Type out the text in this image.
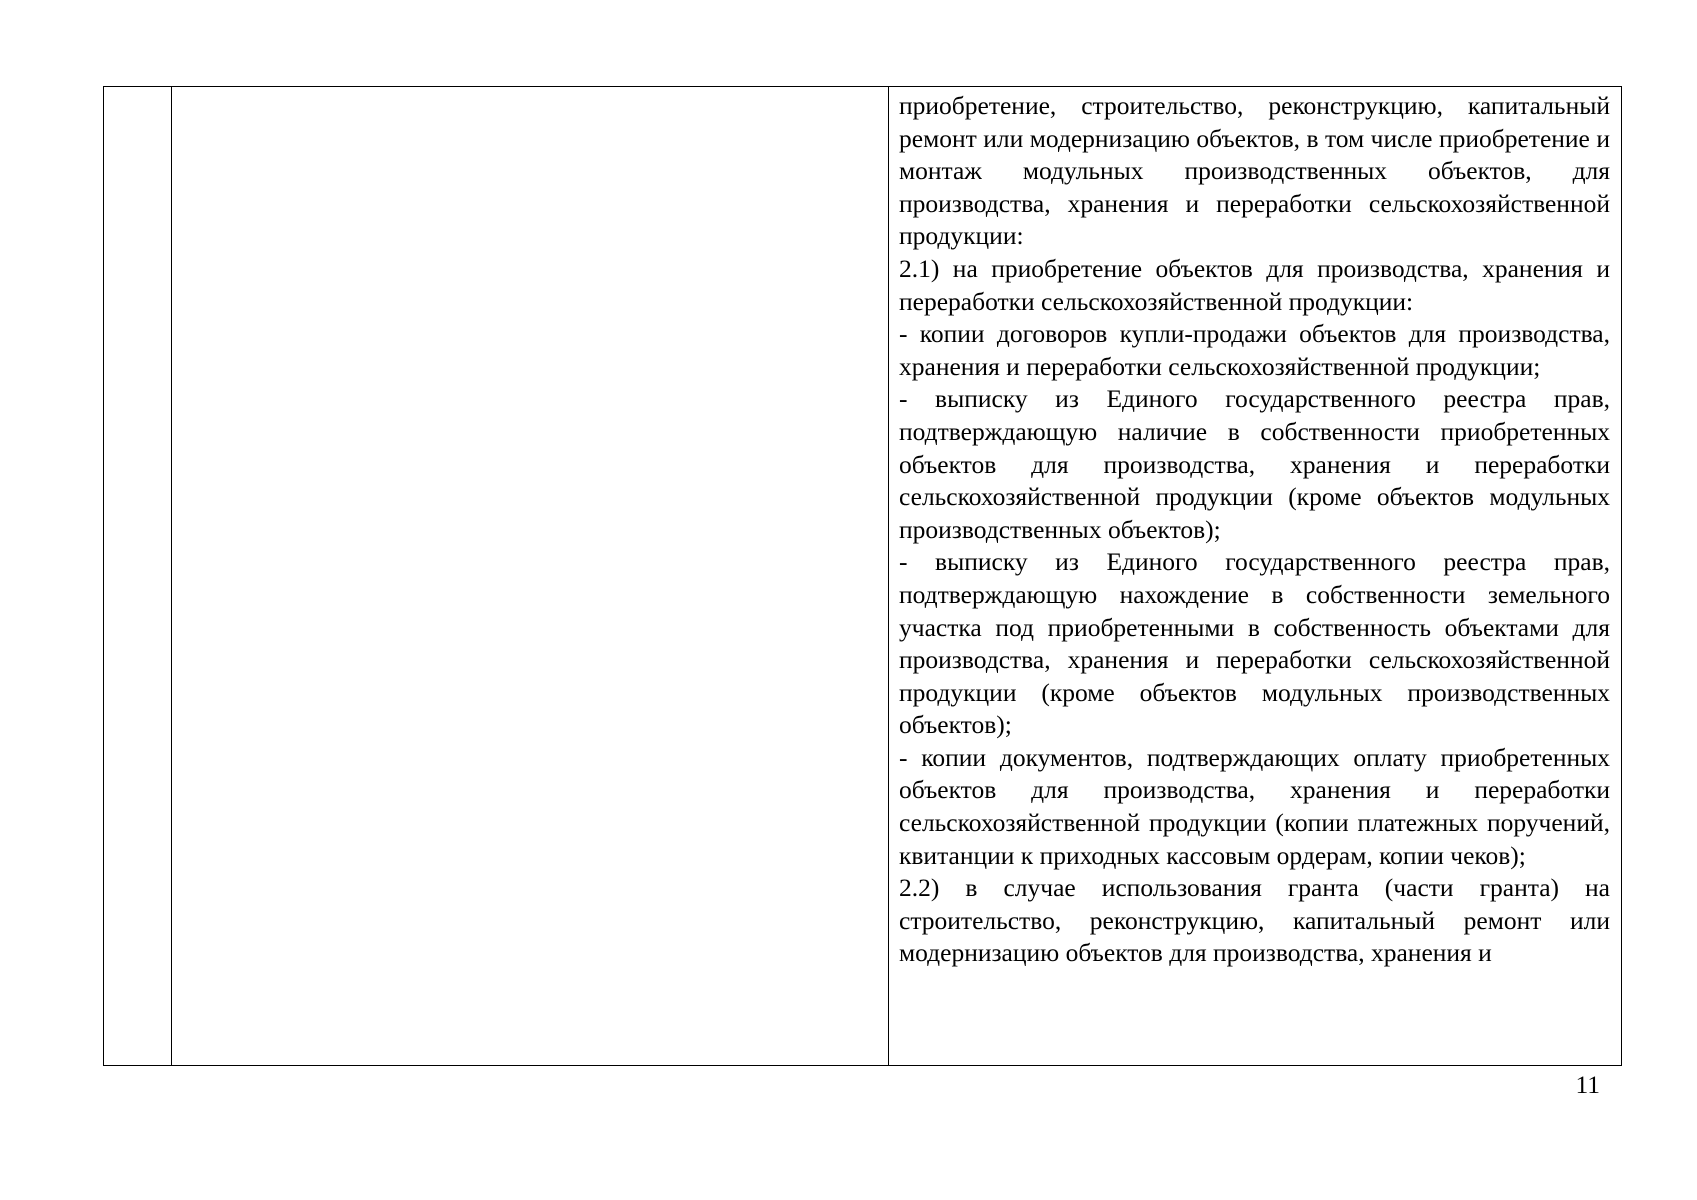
приобретение, строительство, реконструкцию, капитальный ремонт или модернизацию объектов, в том числе приобретение и монтаж модульных производственных объектов, для производства, хранения и переработки сельскохозяйственной продукции:

2.1) на приобретение объектов для производства, хранения и переработки сельскохозяйственной продукции:

- копии договоров купли-продажи объектов для производства, хранения и переработки сельскохозяйственной продукции;

- выписку из Единого государственного реестра прав, подтверждающую наличие в собственности приобретенных объектов для производства, хранения и переработки сельскохозяйственной продукции (кроме объектов модульных производственных объектов);

- выписку из Единого государственного реестра прав, подтверждающую нахождение в собственности земельного участка под приобретенными в собственность объектами для производства, хранения и переработки сельскохозяйственной продукции (кроме объектов модульных производственных объектов);

- копии документов, подтверждающих оплату приобретенных объектов для производства, хранения и переработки сельскохозяйственной продукции (копии платежных поручений, квитанции к приходных кассовым ордерам, копии чеков);

2.2) в случае использования гранта (части гранта) на строительство, реконструкцию, капитальный ремонт или модернизацию объектов для производства, хранения и

11
